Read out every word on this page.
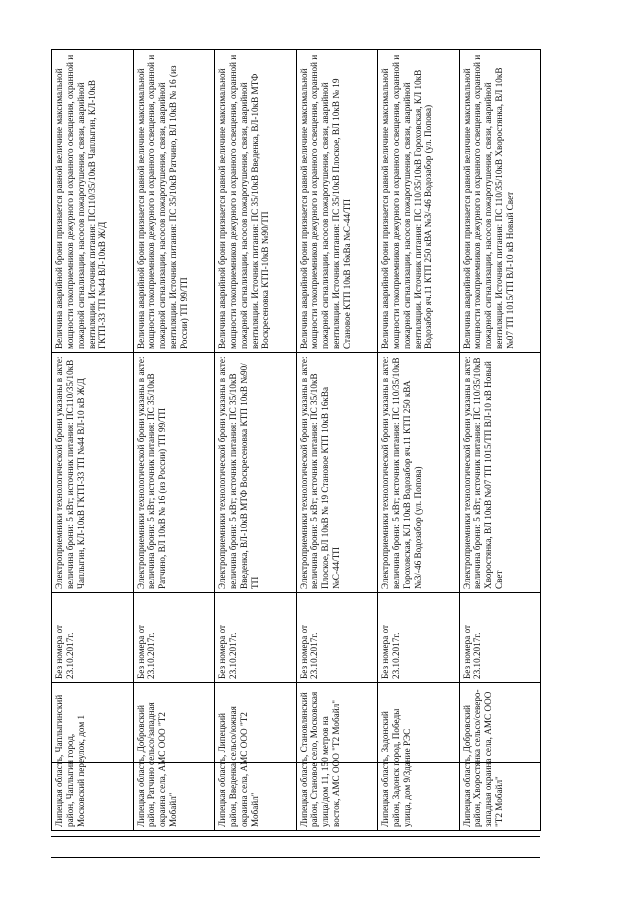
Липецкая область, Чаплыгинский район, Чаплыгин город, Московский переулок, дом 1	Без номера от 23.10.2017г.	Электроприемники технологической брони указаны в акте: величина брони: 5 кВт; источник питания: ПС110/35/10кВ Чаплыгин, КЛ-10кВ ГКТП-33 ТП №44 ВЛ-10 кВ Ж/Д	Величина аварийной брони признается равной величине максимальной мощности токоприемников дежурного и охранного освещения, охранной и пожарной сигнализации, насосов пожаротушения, связи, аварийной вентиляции. Источник питания: ПС110/35/10кВ Чаплыгин, КЛ-10кВ ГКТП-33 ТП №44 ВЛ-10кВ Ж/Д
Липецкая область, Добровский район, Ратчино сельсо/западная окраина села, АМС ООО "Т2 Мобайл"	Без номера от 23.10.2017г.	Электроприемники технологической брони указаны в акте: величина брони: 5 кВт; источник питания: ПС 35/10кВ Ратчино, ВЛ 10кВ № 16 (из России) ТП 99/ТП	Величина аварийной брони признается равной величине максимальной мощности токоприемников дежурного и охранного освещения, охранной и пожарной сигнализации, насосов пожаротушения, связи, аварийной вентиляции. Источник питания: ПС 35/10кВ Ратчино, ВЛ 10кВ № 16 (из России) ТП 99/ТП
Липецкая область, Липецкий район, Введенка сельсо/южная окраина села, АМС ООО "Т2 Мобайл"	Без номера от 23.10.2017г.	Электроприемники технологической брони указаны в акте: величина брони: 5 кВт; источник питания: ПС 35/10кВ Введенка, ВЛ-10кВ МТФ Воскресеновка КТП 10кВ №90/ТП	Величина аварийной брони признается равной величине максимальной мощности токоприемников дежурного и охранного освещения, охранной и пожарной сигнализации, насосов пожаротушения, связи, аварийной вентиляции. Источник питания: ПС 35/10кВ Введенка, ВЛ-10кВ МТФ Воскресеновка КТП-10кВ №90/ТП
Липецкая область, Становлянский район, Становое село, Московская улица/дом 11, 150 метров на восток, АМС ООО "Т2 Мобайл"	Без номера от 23.10.2017г.	Электроприемники технологической брони указаны в акте: величина брони: 5 кВт; источник питания: ПС 35/10кВ Плоское, ВЛ 10кВ № 19 Становое КТП 10кВ 16кВа №С-44/ТП	Величина аварийной брони признается равной величине максимальной мощности токоприемников дежурного и охранного освещения, охранной и пожарной сигнализации, насосов пожаротушения, связи, аварийной вентиляции. Источник питания: ПС 35/10кВ Плоское, ВЛ 10кВ № 19 Становое КТП 10кВ 16кВа №С-44/ТП
Липецкая область, Задонский район, Задонск город, Победы улица, дом 9/Здание РЭС	Без номера от 23.10.2017г.	Электроприемники технологической брони указаны в акте: величина брони: 5 кВт; источник питания: ПС 110/35/10кВ Гороховская, КЛ 10кВ Водозабор яч.11 КТП 250 кВА №3/-46 Водозабор (ул. Попова)	Величина аварийной брони признается равной величине максимальной мощности токоприемников дежурного и охранного освещения, охранной и пожарной сигнализации, насосов пожаротушения, связи, аварийной вентиляции. Источник питания: ПС 110/35/10кВ Гороховская, КЛ 10кВ Водозабор яч.11 КТП 250 кВА №3/-46 Водозабор (ул. Попова)
Липецкая область, Добровский район, Хворостянка сельсо/северо-западная окраина села, АМС ООО "Т2 Мобайл"	Без номера от 23.10.2017г.	Электроприемники технологической брони указаны в акте: величина брони: 5 кВт; источник питания: ПС 110/35/10кВ Хворостянка, ВЛ 10кВ №07 ТП 1015/ТП ВЛ-10 кВ Новый Свет	Величина аварийной брони признается равной величине максимальной мощности токоприемников дежурного и охранного освещения, охранной и пожарной сигнализации, насосов пожаротушения, связи, аварийной вентиляции. Источник питания: ПС 110/35/10кВ Хворостянка, ВЛ 10кВ №07 ТП 1015/ТП ВЛ-10 кВ Новый Свет
